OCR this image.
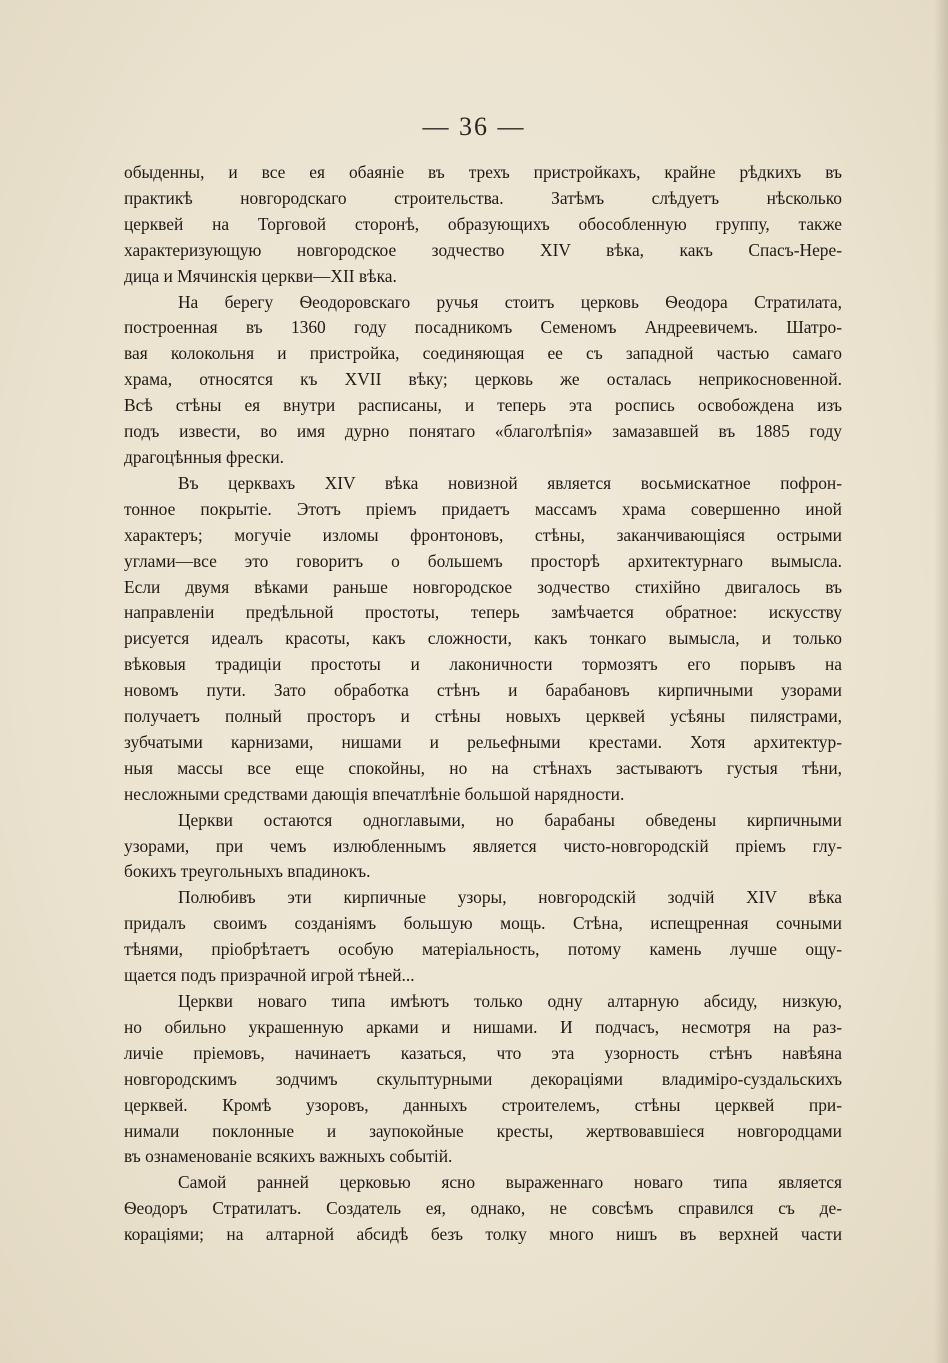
— 36 —

обыденны, и все ея обаяніе въ трехъ пристройкахъ, крайне рѣдкихъ въ
практикѣ новгородскаго строительства. Затѣмъ слѣдуетъ нѣсколько
церквей на Торговой сторонѣ, образующихъ обособленную группу, также
характеризующую новгородское зодчество XIV вѣка, какъ Спасъ-Нере-
дица и Мячинскія церкви—XII вѣка.

На берегу Ѳеодоровскаго ручья стоитъ церковь Ѳеодора Стратилата,
построенная въ 1360 году посадникомъ Семеномъ Андреевичемъ. Шатро-
вая колокольня и пристройка, соединяющая ее съ западной частью самаго
храма, относятся къ XVII вѣку; церковь же осталась неприкосновенной.
Всѣ стѣны ея внутри расписаны, и теперь эта роспись освобождена изъ
подъ извести, во имя дурно понятаго «благолѣпія» замазавшей въ 1885 году
драгоцѣнныя фрески.

Въ церквахъ XIV вѣка новизной является восьмискатное пофрон-
тонное покрытіе. Этотъ пріемъ придаетъ массамъ храма совершенно иной
характеръ; могучіе изломы фронтоновъ, стѣны, заканчивающіяся острыми
углами—все это говоритъ о большемъ просторѣ архитектурнаго вымысла.
Если двумя вѣками раньше новгородское зодчество стихійно двигалось въ
направленіи предѣльной простоты, теперь замѣчается обратное: искусству
рисуется идеалъ красоты, какъ сложности, какъ тонкаго вымысла, и только
вѣковыя традиціи простоты и лаконичности тормозятъ его порывъ на
новомъ пути. Зато обработка стѣнъ и барабановъ кирпичными узорами
получаетъ полный просторъ и стѣны новыхъ церквей усѣяны пилястрами,
зубчатыми карнизами, нишами и рельефными крестами. Хотя архитектур-
ныя массы все еще спокойны, но на стѣнахъ застываютъ густыя тѣни,
несложными средствами дающія впечатлѣніе большой нарядности.

Церкви остаются одноглавыми, но барабаны обведены кирпичными
узорами, при чемъ излюбленнымъ является чисто-новгородскій пріемъ глу-
бокихъ треугольныхъ впадинокъ.

Полюбивъ эти кирпичные узоры, новгородскій зодчій XIV вѣка
придалъ своимъ созданіямъ большую мощь. Стѣна, испещренная сочными
тѣнями, пріобрѣтаетъ особую матеріальность, потому камень лучше ощу-
щается подъ призрачной игрой тѣней...

Церкви новаго типа имѣютъ только одну алтарную абсиду, низкую,
но обильно украшенную арками и нишами. И подчасъ, несмотря на раз-
личіе пріемовъ, начинаетъ казаться, что эта узорность стѣнъ навѣяна
новгородскимъ зодчимъ скульптурными декораціями владиміро-суздальскихъ
церквей. Кромѣ узоровъ, данныхъ строителемъ, стѣны церквей при-
нимали поклонные и заупокойные кресты, жертвовавшіеся новгородцами
въ ознаменованіе всякихъ важныхъ событій.

Самой ранней церковью ясно выраженнаго новаго типа является
Ѳеодоръ Стратилатъ. Создатель ея, однако, не совсѣмъ справился съ де-
кораціями; на алтарной абсидѣ безъ толку много нишъ въ верхней части
